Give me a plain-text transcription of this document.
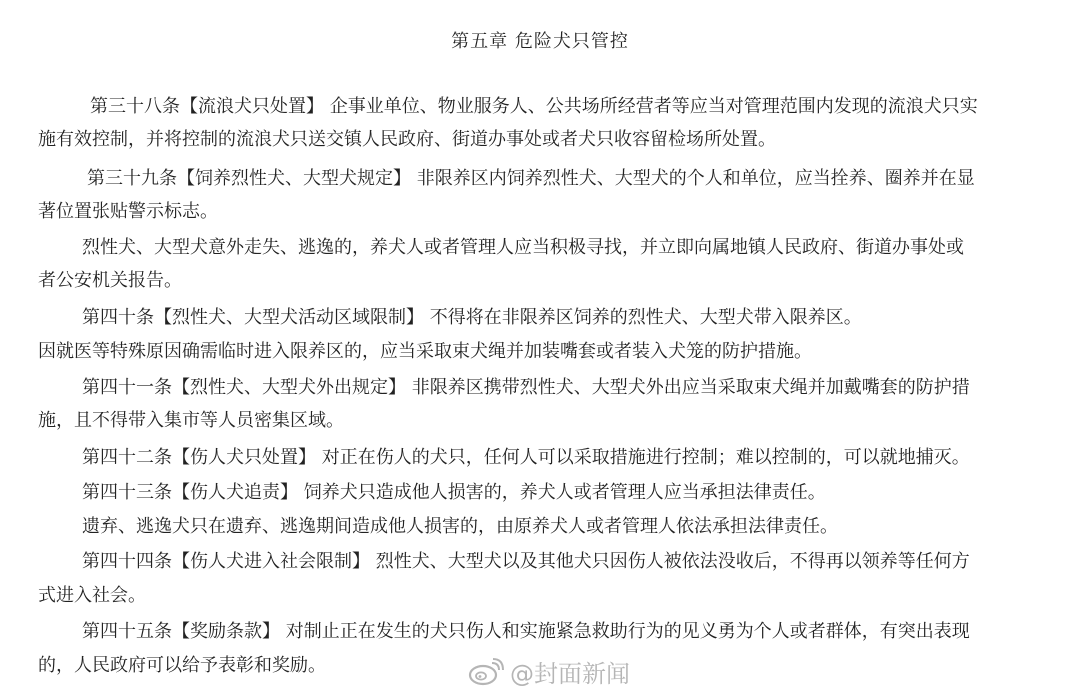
第五章 危险犬只管控
第三十八条【流浪犬只处置】 企事业单位、物业服务人、公共场所经营者等应当对管理范围内发现的流浪犬只实
施有效控制，并将控制的流浪犬只送交镇人民政府、街道办事处或者犬只收容留检场所处置。
第三十九条【饲养烈性犬、大型犬规定】 非限养区内饲养烈性犬、大型犬的个人和单位，应当拴养、圈养并在显
著位置张贴警示标志。
烈性犬、大型犬意外走失、逃逸的，养犬人或者管理人应当积极寻找，并立即向属地镇人民政府、街道办事处或
者公安机关报告。
第四十条【烈性犬、大型犬活动区域限制】 不得将在非限养区饲养的烈性犬、大型犬带入限养区。
因就医等特殊原因确需临时进入限养区的，应当采取束犬绳并加装嘴套或者装入犬笼的防护措施。
第四十一条【烈性犬、大型犬外出规定】 非限养区携带烈性犬、大型犬外出应当采取束犬绳并加戴嘴套的防护措
施，且不得带入集市等人员密集区域。
第四十二条【伤人犬只处置】 对正在伤人的犬只，任何人可以采取措施进行控制；难以控制的，可以就地捕灭。
第四十三条【伤人犬追责】 饲养犬只造成他人损害的，养犬人或者管理人应当承担法律责任。
遗弃、逃逸犬只在遗弃、逃逸期间造成他人损害的，由原养犬人或者管理人依法承担法律责任。
第四十四条【伤人犬进入社会限制】 烈性犬、大型犬以及其他犬只因伤人被依法没收后，不得再以领养等任何方
式进入社会。
第四十五条【奖励条款】 对制止正在发生的犬只伤人和实施紧急救助行为的见义勇为个人或者群体，有突出表现
的，人民政府可以给予表彰和奖励。	@封面新闻
